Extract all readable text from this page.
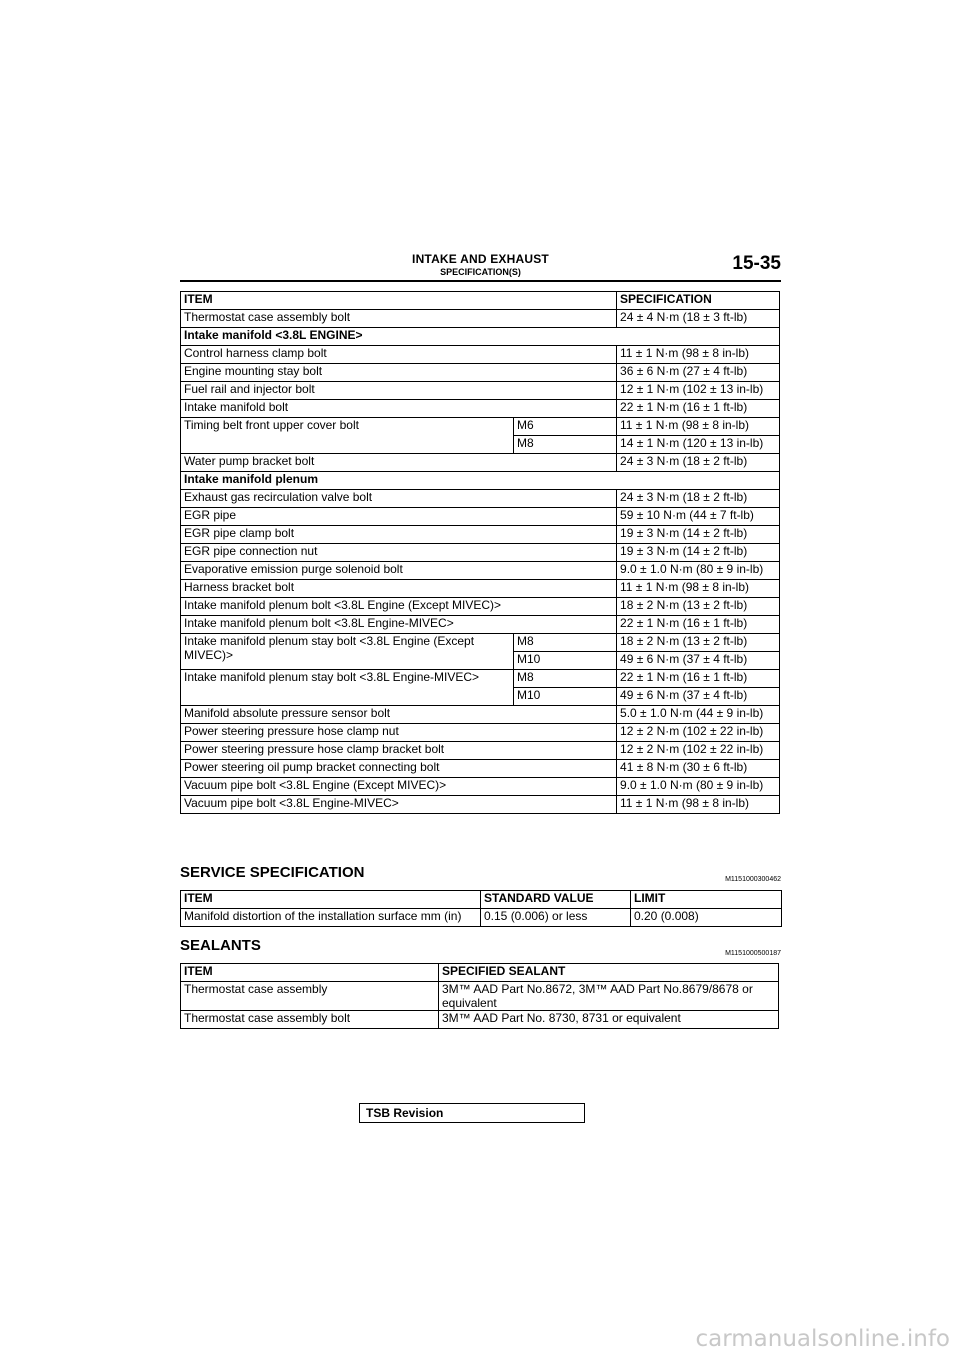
INTAKE AND EXHAUST
SPECIFICATION(S)	15-35
ITEM		SPECIFICATION
Thermostat case assembly bolt		24 ± 4 N·m (18 ± 3 ft-lb)
Intake manifold <3.8L ENGINE>		
Control harness clamp bolt		11 ± 1 N·m (98 ± 8 in-lb)
Engine mounting stay bolt		36 ± 6 N·m (27 ± 4 ft-lb)
Fuel rail and injector bolt		12 ± 1 N·m (102 ± 13 in-lb)
Intake manifold bolt		22 ± 1 N·m (16 ± 1 ft-lb)
Timing belt front upper cover bolt	M6	11 ± 1 N·m (98 ± 8 in-lb)
	M8	14 ± 1 N·m (120 ± 13 in-lb)
Water pump bracket bolt		24 ± 3 N·m (18 ± 2 ft-lb)
Intake manifold plenum		
Exhaust gas recirculation valve bolt		24 ± 3 N·m (18 ± 2 ft-lb)
EGR pipe		59 ± 10 N·m (44 ± 7 ft-lb)
EGR pipe clamp bolt		19 ± 3 N·m (14 ± 2 ft-lb)
EGR pipe connection nut		19 ± 3 N·m (14 ± 2 ft-lb)
Evaporative emission purge solenoid bolt		9.0 ± 1.0 N·m (80 ± 9 in-lb)
Harness bracket bolt		11 ± 1 N·m (98 ± 8 in-lb)
Intake manifold plenum bolt <3.8L Engine (Except MIVEC)>		18 ± 2 N·m (13 ± 2 ft-lb)
Intake manifold plenum bolt <3.8L Engine-MIVEC>		22 ± 1 N·m (16 ± 1 ft-lb)
Intake manifold plenum stay bolt <3.8L Engine (Except MIVEC)>	M8	18 ± 2 N·m (13 ± 2 ft-lb)
	M10	49 ± 6 N·m (37 ± 4 ft-lb)
Intake manifold plenum stay bolt <3.8L Engine-MIVEC>	M8	22 ± 1 N·m (16 ± 1 ft-lb)
	M10	49 ± 6 N·m (37 ± 4 ft-lb)
Manifold absolute pressure sensor bolt		5.0 ± 1.0 N·m (44 ± 9 in-lb)
Power steering pressure hose clamp nut		12 ± 2 N·m (102 ± 22 in-lb)
Power steering pressure hose clamp bracket bolt		12 ± 2 N·m (102 ± 22 in-lb)
Power steering oil pump bracket connecting bolt		41 ± 8 N·m (30 ± 6 ft-lb)
Vacuum pipe bolt <3.8L Engine (Except MIVEC)>		9.0 ± 1.0 N·m (80 ± 9 in-lb)
Vacuum pipe bolt <3.8L Engine-MIVEC>		11 ± 1 N·m (98 ± 8 in-lb)
SERVICE SPECIFICATION	M1151000300462
ITEM	STANDARD VALUE	LIMIT
Manifold distortion of the installation surface mm (in)	0.15 (0.006) or less	0.20 (0.008)
SEALANTS	M1151000500187
ITEM	SPECIFIED SEALANT
Thermostat case assembly	3M™ AAD Part No.8672, 3M™ AAD Part No.8679/8678 or equivalent
Thermostat case assembly bolt	3M™ AAD Part No. 8730, 8731 or equivalent
TSB Revision
carmanualsonline.info
